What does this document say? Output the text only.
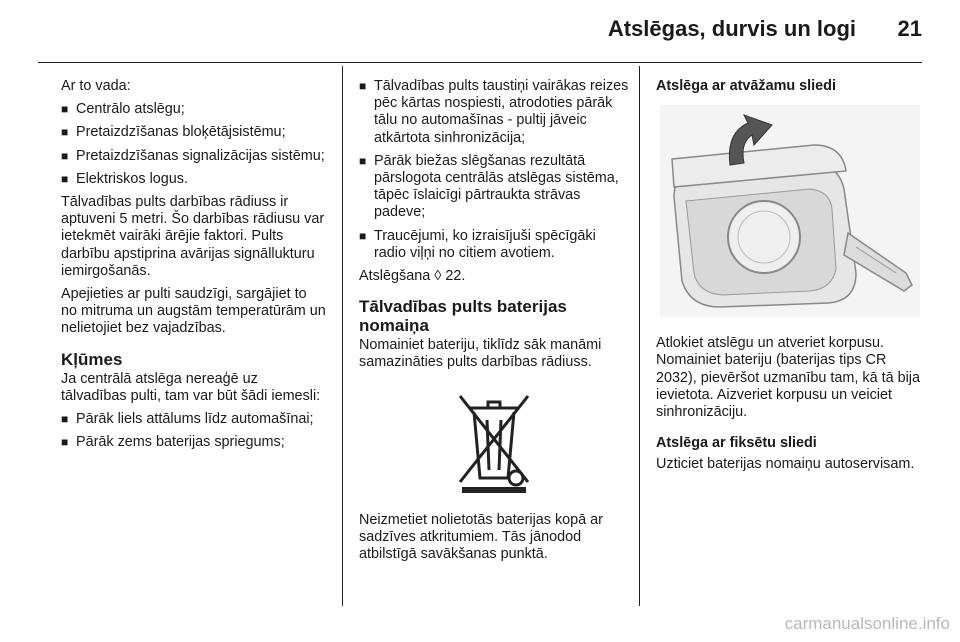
Atslēgas, durvis un logi 21

Ar to vada:

■ Centrālo atslēgu;
■ Pretaizdzīšanas bloķētājsistēmu;
■ Pretaizdzīšanas signalizācijas sistēmu;
■ Elektriskos logus.

Tālvadības pults darbības rādiuss ir aptuveni 5 metri. Šo darbības rādiusu var ietekmēt vairāki ārējie faktori. Pults darbību apstiprina avārijas signāllukturu iemirgošanās.

Apejieties ar pulti saudzīgi, sargājiet to no mitruma un augstām temperatūrām un nelietojiet bez vajadzības.

Kļūmes

Ja centrālā atslēga nereaģē uz tālvadības pulti, tam var būt šādi iemesli:

■ Pārāk liels attālums līdz automašīnai;
■ Pārāk zems baterijas spriegums;
■ Tālvadības pults taustiņi vairākas reizes pēc kārtas nospiesti, atrodoties pārāk tālu no automašīnas - pultij jāveic atkārtota sinhronizācija;
■ Pārāk biežas slēgšanas rezultātā pārslogota centrālās atslēgas sistēma, tāpēc īslaicīgi pārtraukta strāvas padeve;
■ Traucējumi, ko izraisījuši spēcīgāki radio viļņi no citiem avotiem.

Atslēgšana ◊ 22.

Tālvadības pults baterijas nomaiņa

Nomainiet bateriju, tiklīdz sāk manāmi samazināties pults darbības rādiuss.

Neizmetiet nolietotās baterijas kopā ar sadzīves atkritumiem. Tās jānodod atbilstīgā savākšanas punktā.

Atslēga ar atvāžamu sliedi

Atlokiet atslēgu un atveriet korpusu. Nomainiet bateriju (baterijas tips CR 2032), pievēršot uzmanību tam, kā tā bija ievietota. Aizveriet korpusu un veiciet sinhronizāciju.

Atslēga ar fiksētu sliedi

Uzticiet baterijas nomaiņu autoservisam.

carmanualsonline.info
